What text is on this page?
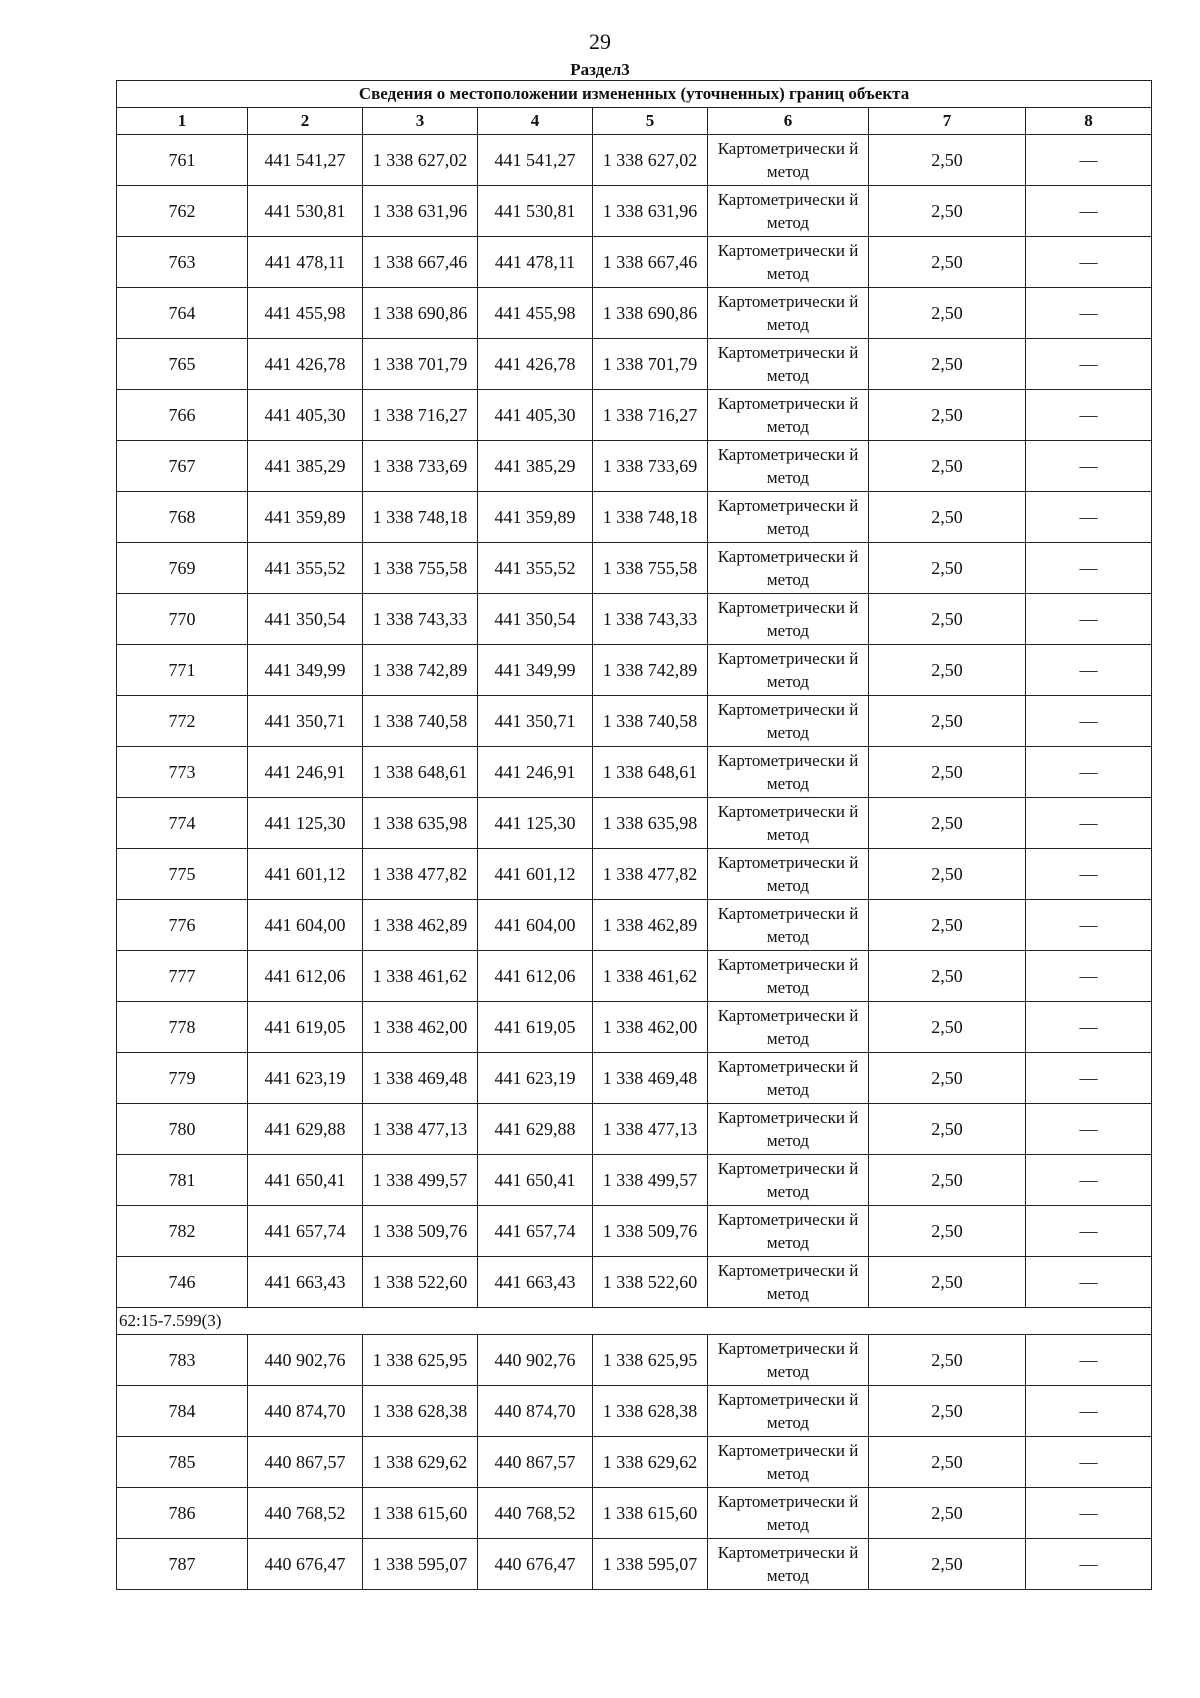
29
Раздел3
Сведения о местоположении измененных (уточненных) границ объекта							
1	2	3	4	5	6	7	8
761	441 541,27	1 338 627,02	441 541,27	1 338 627,02	Картометрически й метод	2,50	—
762	441 530,81	1 338 631,96	441 530,81	1 338 631,96	Картометрически й метод	2,50	—
763	441 478,11	1 338 667,46	441 478,11	1 338 667,46	Картометрически й метод	2,50	—
764	441 455,98	1 338 690,86	441 455,98	1 338 690,86	Картометрически й метод	2,50	—
765	441 426,78	1 338 701,79	441 426,78	1 338 701,79	Картометрически й метод	2,50	—
766	441 405,30	1 338 716,27	441 405,30	1 338 716,27	Картометрически й метод	2,50	—
767	441 385,29	1 338 733,69	441 385,29	1 338 733,69	Картометрически й метод	2,50	—
768	441 359,89	1 338 748,18	441 359,89	1 338 748,18	Картометрически й метод	2,50	—
769	441 355,52	1 338 755,58	441 355,52	1 338 755,58	Картометрически й метод	2,50	—
770	441 350,54	1 338 743,33	441 350,54	1 338 743,33	Картометрически й метод	2,50	—
771	441 349,99	1 338 742,89	441 349,99	1 338 742,89	Картометрически й метод	2,50	—
772	441 350,71	1 338 740,58	441 350,71	1 338 740,58	Картометрически й метод	2,50	—
773	441 246,91	1 338 648,61	441 246,91	1 338 648,61	Картометрически й метод	2,50	—
774	441 125,30	1 338 635,98	441 125,30	1 338 635,98	Картометрически й метод	2,50	—
775	441 601,12	1 338 477,82	441 601,12	1 338 477,82	Картометрически й метод	2,50	—
776	441 604,00	1 338 462,89	441 604,00	1 338 462,89	Картометрически й метод	2,50	—
777	441 612,06	1 338 461,62	441 612,06	1 338 461,62	Картометрически й метод	2,50	—
778	441 619,05	1 338 462,00	441 619,05	1 338 462,00	Картометрически й метод	2,50	—
779	441 623,19	1 338 469,48	441 623,19	1 338 469,48	Картометрически й метод	2,50	—
780	441 629,88	1 338 477,13	441 629,88	1 338 477,13	Картометрически й метод	2,50	—
781	441 650,41	1 338 499,57	441 650,41	1 338 499,57	Картометрически й метод	2,50	—
782	441 657,74	1 338 509,76	441 657,74	1 338 509,76	Картометрически й метод	2,50	—
746	441 663,43	1 338 522,60	441 663,43	1 338 522,60	Картометрически й метод	2,50	—
62:15-7.599(3)							
783	440 902,76	1 338 625,95	440 902,76	1 338 625,95	Картометрически й метод	2,50	—
784	440 874,70	1 338 628,38	440 874,70	1 338 628,38	Картометрически й метод	2,50	—
785	440 867,57	1 338 629,62	440 867,57	1 338 629,62	Картометрически й метод	2,50	—
786	440 768,52	1 338 615,60	440 768,52	1 338 615,60	Картометрически й метод	2,50	—
787	440 676,47	1 338 595,07	440 676,47	1 338 595,07	Картометрически й метод	2,50	—
